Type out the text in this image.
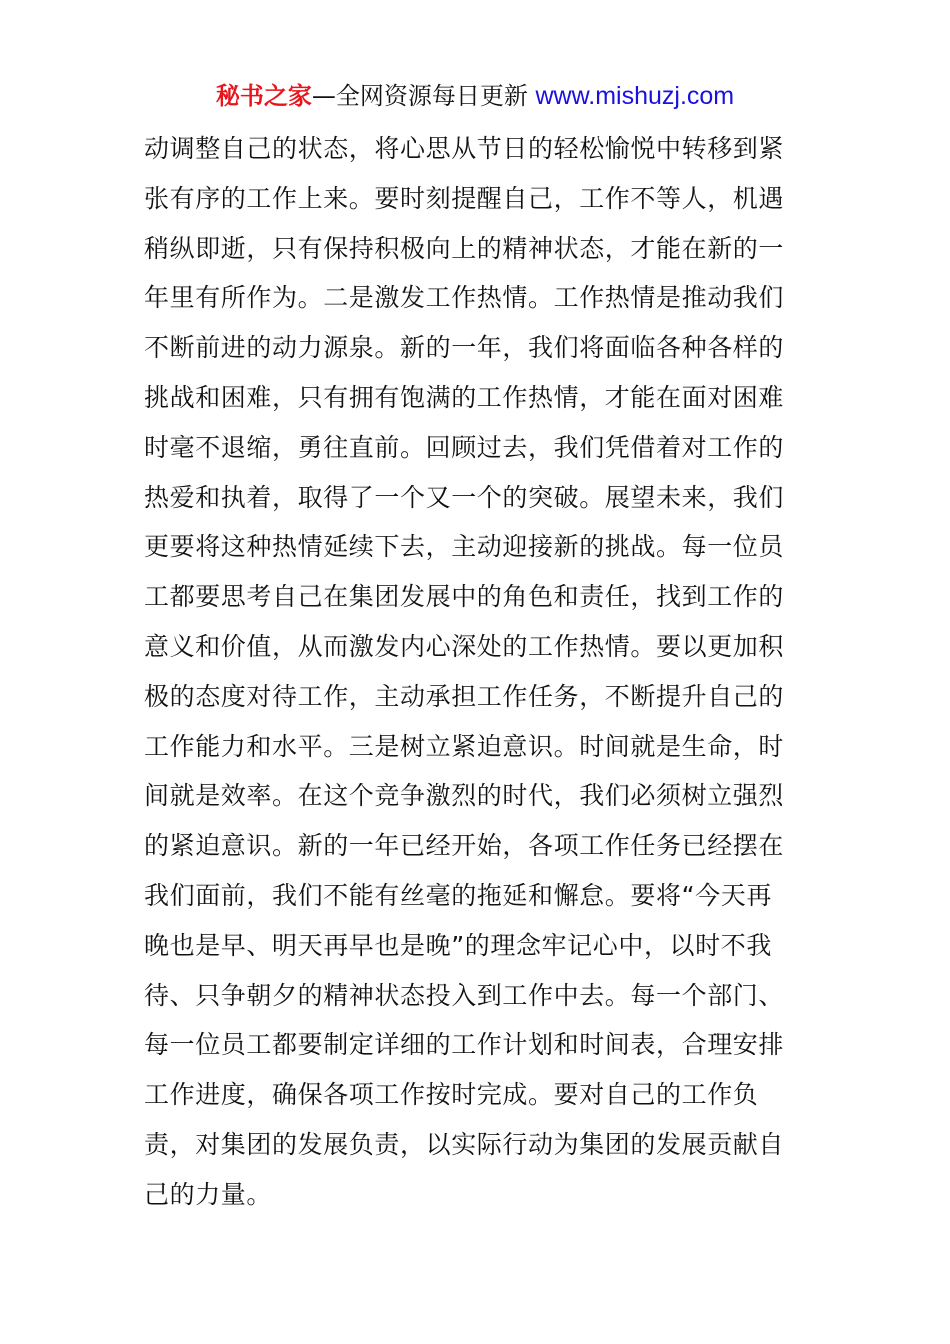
秘书之家—全网资源每日更新 www.mishuzj.com
动调整自己的状态，将心思从节日的轻松愉悦中转移到紧
张有序的工作上来。要时刻提醒自己，工作不等人，机遇
稍纵即逝，只有保持积极向上的精神状态，才能在新的一
年里有所作为。二是激发工作热情。工作热情是推动我们
不断前进的动力源泉。新的一年，我们将面临各种各样的
挑战和困难，只有拥有饱满的工作热情，才能在面对困难
时毫不退缩，勇往直前。回顾过去，我们凭借着对工作的
热爱和执着，取得了一个又一个的突破。展望未来，我们
更要将这种热情延续下去，主动迎接新的挑战。每一位员
工都要思考自己在集团发展中的角色和责任，找到工作的
意义和价值，从而激发内心深处的工作热情。要以更加积
极的态度对待工作，主动承担工作任务，不断提升自己的
工作能力和水平。三是树立紧迫意识。时间就是生命，时
间就是效率。在这个竞争激烈的时代，我们必须树立强烈
的紧迫意识。新的一年已经开始，各项工作任务已经摆在
我们面前，我们不能有丝毫的拖延和懈怠。要将“今天再
晚也是早、明天再早也是晚”的理念牢记心中，以时不我
待、只争朝夕的精神状态投入到工作中去。每一个部门、
每一位员工都要制定详细的工作计划和时间表，合理安排
工作进度，确保各项工作按时完成。要对自己的工作负
责，对集团的发展负责，以实际行动为集团的发展贡献自
己的力量。
